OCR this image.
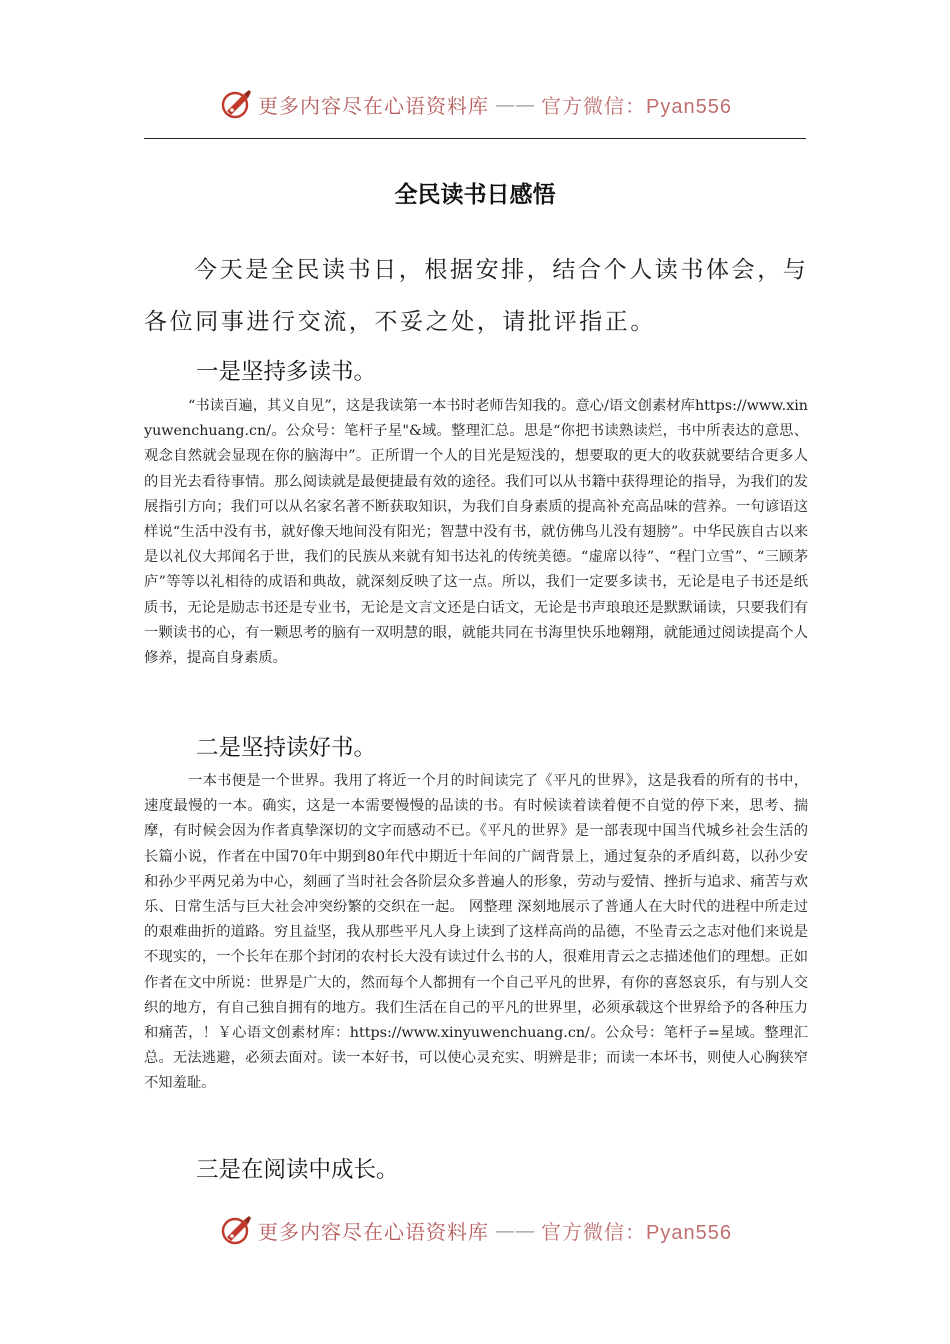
更多内容尽在心语资料库 —— 官方微信：Pyan556
全民读书日感悟

今天是全民读书日，根据安排，结合个人读书体会，与各位同事进行交流，不妥之处，请批评指正。

一是坚持多读书。

“书读百遍，其义自见”，这是我读第一本书时老师告知我的。意心/语文创素材库https://www.xinyuwenchuang.cn/。公众号：笔杆子星"&域。整理汇总。思是“你把书读熟读烂，书中所表达的意思、观念自然就会显现在你的脑海中”。正所谓一个人的目光是短浅的，想要取的更大的收获就要结合更多人的目光去看待事情。那么阅读就是最便捷最有效的途径。我们可以从书籍中获得理论的指导，为我们的发展指引方向；我们可以从名家名著不断获取知识，为我们自身素质的提高补充高品味的营养。一句谚语这样说“生活中没有书，就好像天地间没有阳光；智慧中没有书，就仿佛鸟儿没有翅膀”。中华民族自古以来是以礼仪大邦闻名于世，我们的民族从来就有知书达礼的传统美德。“虚席以待”、“程门立雪”、“三顾茅庐”等等以礼相待的成语和典故，就深刻反映了这一点。所以，我们一定要多读书，无论是电子书还是纸质书，无论是励志书还是专业书，无论是文言文还是白话文，无论是书声琅琅还是默默诵读，只要我们有一颗读书的心，有一颗思考的脑有一双明慧的眼，就能共同在书海里快乐地翱翔，就能通过阅读提高个人修养，提高自身素质。

二是坚持读好书。

一本书便是一个世界。我用了将近一个月的时间读完了《平凡的世界》，这是我看的所有的书中，速度最慢的一本。确实，这是一本需要慢慢的品读的书。有时候读着读着便不自觉的停下来，思考、揣摩，有时候会因为作者真挚深切的文字而感动不已。《平凡的世界》是一部表现中国当代城乡社会生活的长篇小说，作者在中国70年中期到80年代中期近十年间的广阔背景上，通过复杂的矛盾纠葛，以孙少安和孙少平两兄弟为中心，刻画了当时社会各阶层众多普遍人的形象，劳动与爱情、挫折与追求、痛苦与欢乐、日常生活与巨大社会冲突纷繁的交织在一起。 网整理 深刻地展示了普通人在大时代的进程中所走过的艰难曲折的道路。穷且益坚，我从那些平凡人身上读到了这样高尚的品德，不坠青云之志对他们来说是不现实的，一个长年在那个封闭的农村长大没有读过什么书的人，很难用青云之志描述他们的理想。正如作者在文中所说：世界是广大的，然而每个人都拥有一个自己平凡的世界，有你的喜怒哀乐，有与别人交织的地方，有自己独自拥有的地方。我们生活在自己的平凡的世界里，必须承载这个世界给予的各种压力和痛苦，！￥心语文创素材库：https://www.xinyuwenchuang.cn/。公众号：笔杆子=星域。整理汇总。无法逃避，必须去面对。读一本好书，可以使心灵充实、明辨是非；而读一本坏书，则使人心胸狭窄不知羞耻。

三是在阅读中成长。
更多内容尽在心语资料库 —— 官方微信：Pyan556
